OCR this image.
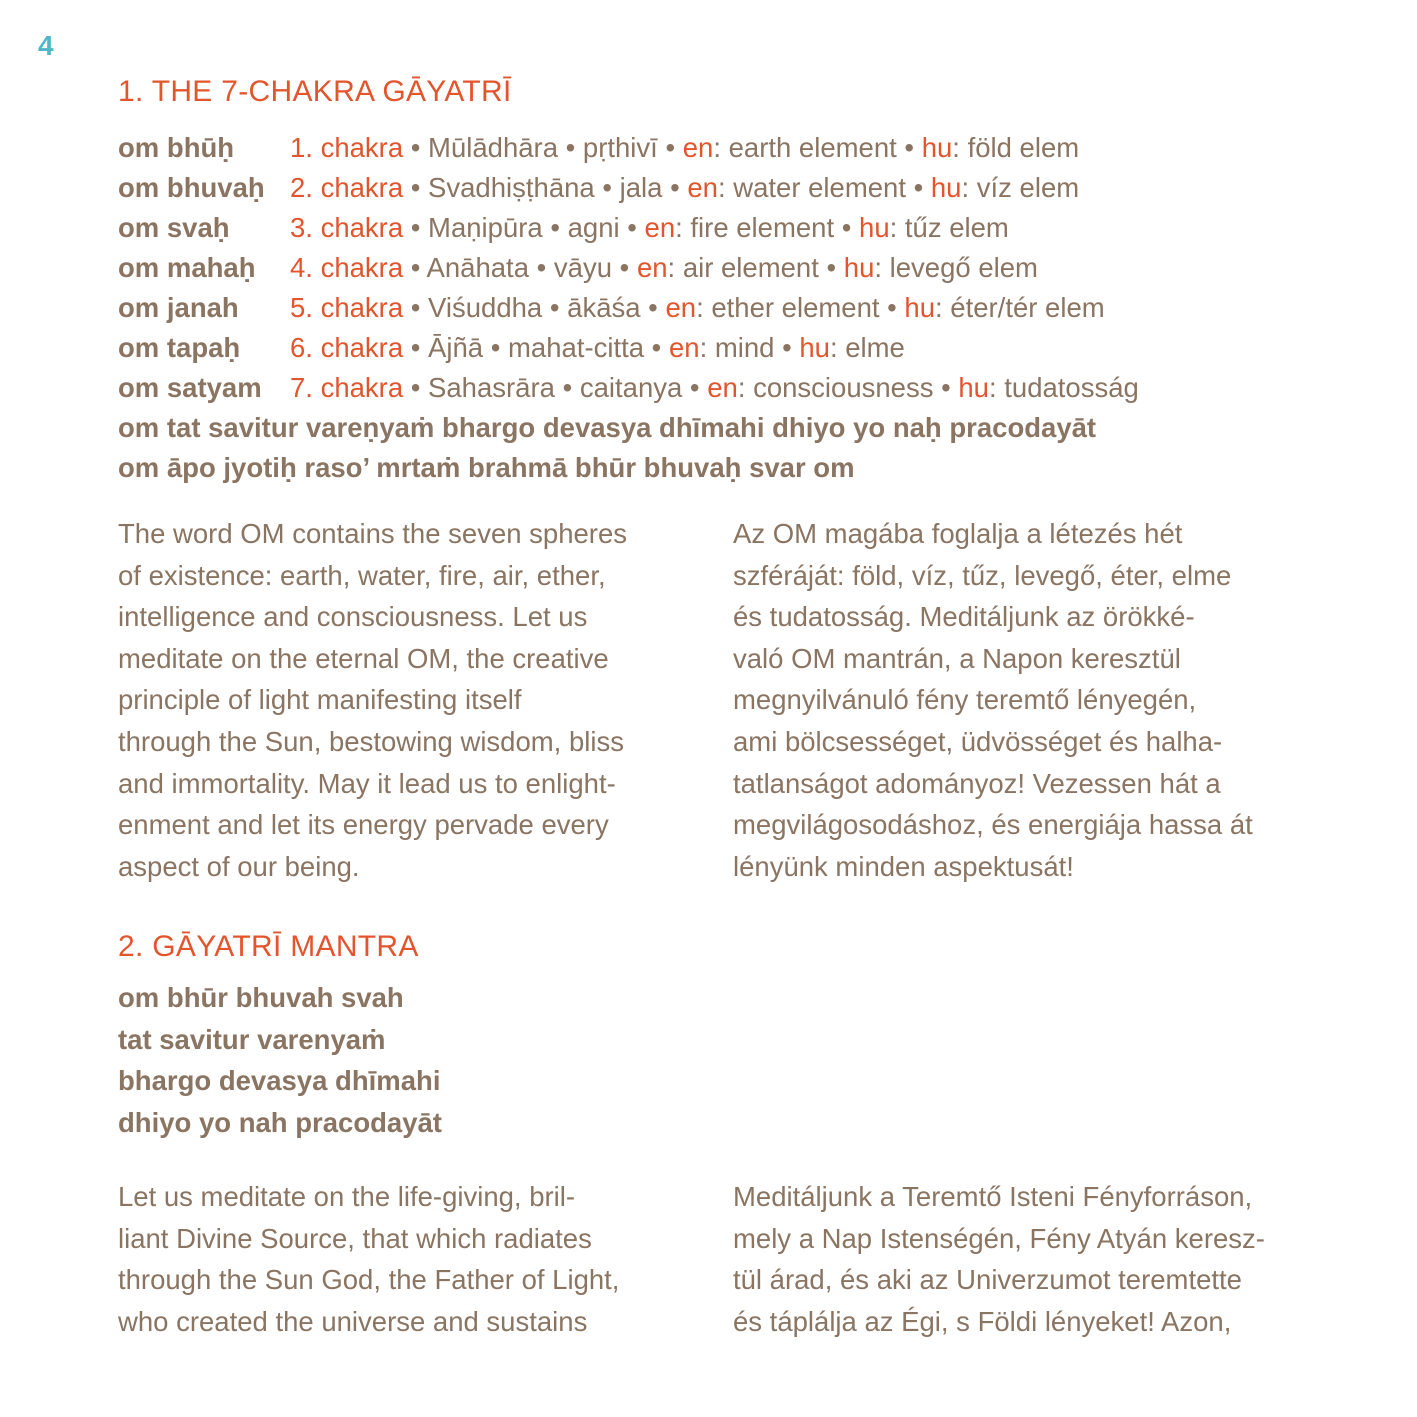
4
1. THE 7-CHAKRA GĀYATRĪ
om bhūḥ 1. chakra • Mūlādhāra • pṛthivī • en: earth element • hu: föld elem
om bhuvaḥ 2. chakra • Svadhiṣṭhāna • jala • en: water element • hu: víz elem
om svaḥ 3. chakra • Maṇipūra • agni • en: fire element • hu: tűz elem
om mahaḥ 4. chakra • Anāhata • vāyu • en: air element • hu: levegő elem
om janah 5. chakra • Viśuddha • ākāśa • en: ether element • hu: éter/tér elem
om tapaḥ 6. chakra • Ājñā • mahat-citta • en: mind • hu: elme
om satyam 7. chakra • Sahasrāra • caitanya • en: consciousness • hu: tudatosság
om tat savitur vareṇyaṁ bhargo devasya dhīmahi dhiyo yo naḥ pracodayāt
om āpo jyotiḥ raso’ mrtaṁ brahmā bhūr bhuvaḥ svar om

The word OM contains the seven spheres

of existence: earth, water, fire, air, ether,

intelligence and consciousness. Let us

meditate on the eternal OM, the creative

principle of light manifesting itself

through the Sun, bestowing wisdom, bliss

and immortality. May it lead us to enlight-

enment and let its energy pervade every

aspect of our being.

Az OM magába foglalja a létezés hét

szféráját: föld, víz, tűz, levegő, éter, elme

és tudatosság. Meditáljunk az örökké-

való OM mantrán, a Napon keresztül

megnyilvánuló fény teremtő lényegén,

ami bölcsességet, üdvösséget és halha-

tatlanságot adományoz! Vezessen hát a

megvilágosodáshoz, és energiája hassa át

lényünk minden aspektusát!

2. GĀYATRĪ MANTRA
om bhūr bhuvah svah
tat savitur varenyaṁ
bhargo devasya dhīmahi
dhiyo yo nah pracodayāt

Let us meditate on the life-giving, bril-

liant Divine Source, that which radiates

through the Sun God, the Father of Light,

who created the universe and sustains

Meditáljunk a Teremtő Isteni Fényforráson,

mely a Nap Istenségén, Fény Atyán keresz-

tül árad, és aki az Univerzumot teremtette

és táplálja az Égi, s Földi lényeket! Azon,
